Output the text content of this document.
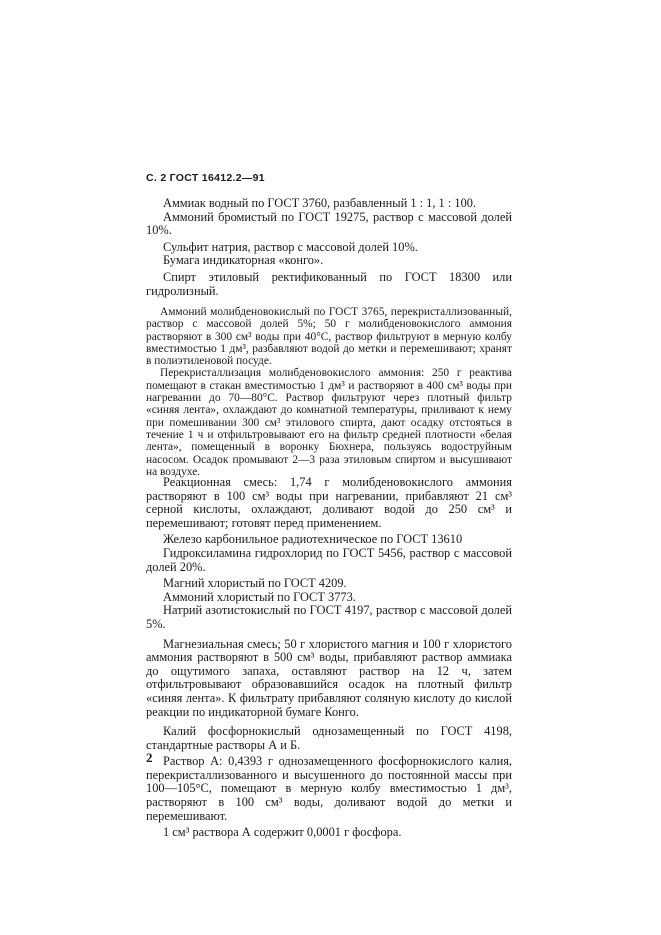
С. 2 ГОСТ 16412.2—91

Аммиак водный по ГОСТ 3760, разбавленный 1 : 1, 1 : 100.

Аммоний бромистый по ГОСТ 19275, раствор с массовой долей 10%.

Сульфит натрия, раствор с массовой долей 10%.

Бумага индикаторная «конго».

Спирт этиловый ректификованный по ГОСТ 18300 или гидролизный.

Аммоний молибденовокислый по ГОСТ 3765, перекристаллизованный, раствор с массовой долей 5%; 50 г молибденовокислого аммония растворяют в 300 см³ воды при 40°С, раствор фильтруют в мерную колбу вместимостью 1 дм³, разбавляют водой до метки и перемешивают; хранят в полиэтиленовой посуде.

Перекристаллизация молибденовокислого аммония: 250 г реактива помещают в стакан вместимостью 1 дм³ и растворяют в 400 см³ воды при нагревании до 70—80°С. Раствор фильтруют через плотный фильтр «синяя лента», охлаждают до комнатной температуры, приливают к нему при помешивании 300 см³ этилового спирта, дают осадку отстояться в течение 1 ч и отфильтровывают его на фильтр средней плотности «белая лента», помещенный в воронку Бюхнера, пользуясь водоструйным насосом. Осадок промывают 2—3 раза этиловым спиртом и высушивают на воздухе.

Реакционная смесь: 1,74 г молибденовокислого аммония растворяют в 100 см³ воды при нагревании, прибавляют 21 см³ серной кислоты, охлаждают, доливают водой до 250 см³ и перемешивают; готовят перед применением.

Железо карбонильное радиотехническое по ГОСТ 13610

Гидроксиламина гидрохлорид по ГОСТ 5456, раствор с массовой долей 20%.

Магний хлористый по ГОСТ 4209.

Аммоний хлористый по ГОСТ 3773.

Натрий азотистокислый по ГОСТ 4197, раствор с массовой долей 5%.

Магнезиальная смесь; 50 г хлористого магния и 100 г хлористого аммония растворяют в 500 см³ воды, прибавляют раствор аммиака до ощутимого запаха, оставляют раствор на 12 ч, затем отфильтровывают образовавшийся осадок на плотный фильтр «синяя лента». К фильтрату прибавляют соляную кислоту до кислой реакции по индикаторной бумаге Конго.

Калий фосфорнокислый однозамещенный по ГОСТ 4198, стандартные растворы А и Б.

Раствор А: 0,4393 г однозамещенного фосфорнокислого калия, перекристаллизованного и высушенного до постоянной массы при 100—105°С, помещают в мерную колбу вместимостью 1 дм³, растворяют в 100 см³ воды, доливают водой до метки и перемешивают.

1 см³ раствора А содержит 0,0001 г фосфора.

2
